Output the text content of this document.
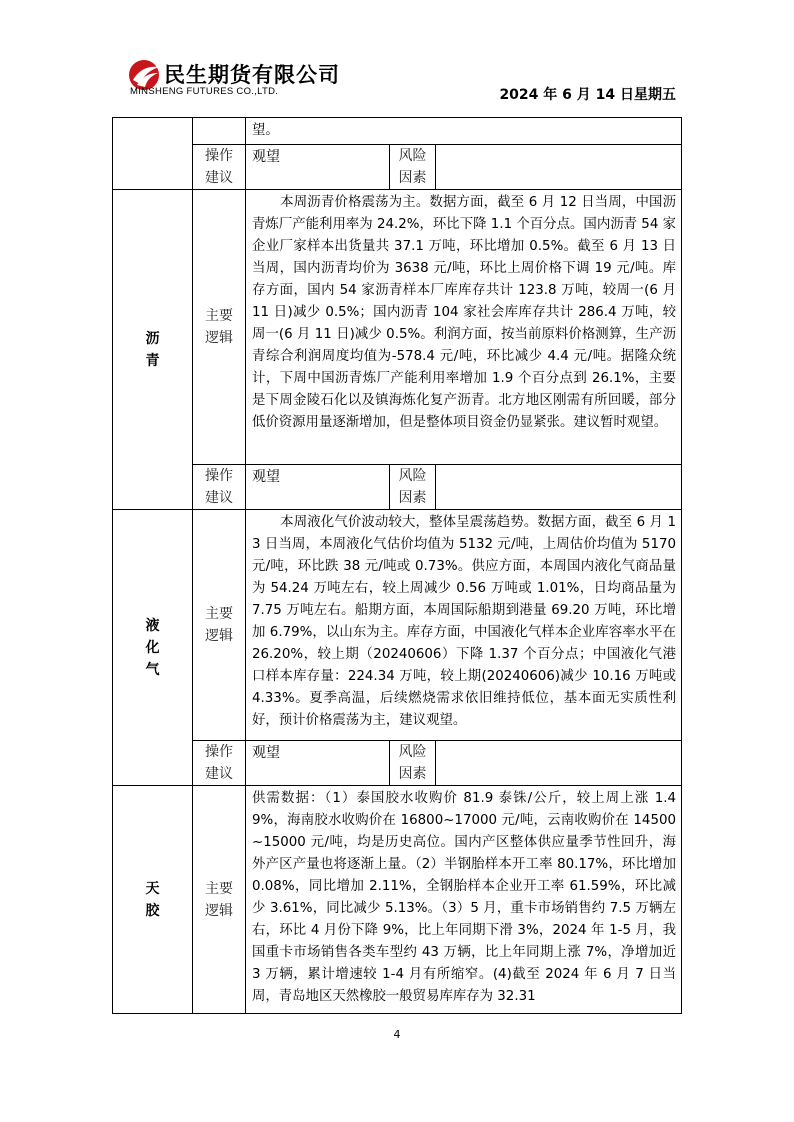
民生期货有限公司
MINSHENG FUTURES CO.,LTD.	2024 年 6 月 14 日星期五
		望。		
	操作建议	观望	风险因素	
沥青	主要逻辑	本周沥青价格震荡为主。数据方面，截至 6 月 12 日当周，中国沥青炼厂产能利用率为 24.2%，环比下降 1.1 个百分点。国内沥青 54 家企业厂家样本出货量共 37.1 万吨，环比增加 0.5%。截至 6 月 13 日当周，国内沥青均价为 3638 元/吨，环比上周价格下调 19 元/吨。库存方面，国内 54 家沥青样本厂库库存共计 123.8 万吨，较周一(6 月 11 日)减少 0.5%；国内沥青 104 家社会库库存共计 286.4 万吨，较周一(6 月 11 日)减少 0.5%。利润方面，按当前原料价格测算，生产沥青综合利润周度均值为-578.4 元/吨，环比减少 4.4 元/吨。据隆众统计，下周中国沥青炼厂产能利用率增加 1.9 个百分点到 26.1%，主要是下周金陵石化以及镇海炼化复产沥青。北方地区刚需有所回暖，部分低价资源用量逐渐增加，但是整体项目资金仍显紧张。建议暂时观望。		
	操作建议	观望	风险因素	
液化气	主要逻辑	本周液化气价波动较大，整体呈震荡趋势。数据方面，截至 6 月 13 日当周，本周液化气估价均值为 5132 元/吨，上周估价均值为 5170 元/吨，环比跌 38 元/吨或 0.73%。供应方面，本周国内液化气商品量为 54.24 万吨左右，较上周减少 0.56 万吨或 1.01%，日均商品量为 7.75 万吨左右。船期方面，本周国际船期到港量 69.20 万吨，环比增加 6.79%，以山东为主。库存方面，中国液化气样本企业库容率水平在 26.20%，较上期（20240606）下降 1.37 个百分点；中国液化气港口样本库存量：224.34 万吨，较上期(20240606)减少 10.16 万吨或 4.33%。夏季高温，后续燃烧需求依旧维持低位，基本面无实质性利好，预计价格震荡为主，建议观望。		
	操作建议	观望	风险因素	
天胶	主要逻辑	供需数据：（1）泰国胶水收购价 81.9 泰铢/公斤，较上周上涨 1.49%，海南胶水收购价在 16800~17000 元/吨，云南收购价在 14500~15000 元/吨，均是历史高位。国内产区整体供应量季节性回升，海外产区产量也将逐渐上量。（2）半钢胎样本开工率 80.17%，环比增加 0.08%，同比增加 2.11%，全钢胎样本企业开工率 61.59%，环比减少 3.61%，同比减少 5.13%。（3）5 月，重卡市场销售约 7.5 万辆左右，环比 4 月份下降 9%，比上年同期下滑 3%，2024 年 1-5 月，我国重卡市场销售各类车型约 43 万辆，比上年同期上涨 7%，净增加近 3 万辆，累计增速较 1-4 月有所缩窄。(4)截至 2024 年 6 月 7 日当周，青岛地区天然橡胶一般贸易库库存为 32.31		
4
